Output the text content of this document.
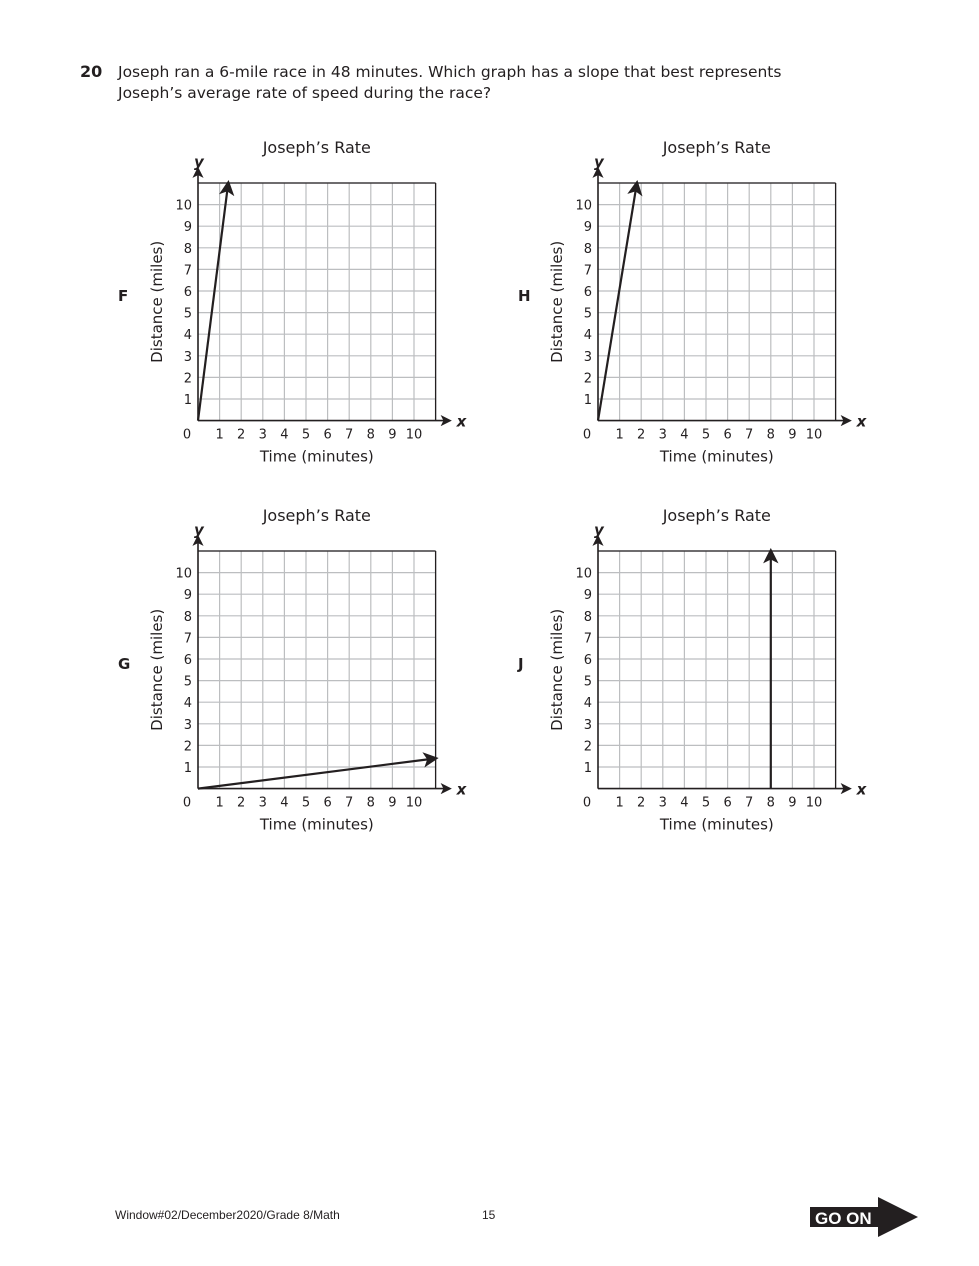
20 Joseph ran a 6-mile race in 48 minutes. Which graph has a slope that best represents Joseph’s average rate of speed during the race?
F
Joseph’s Rate
x
y
0 1 2 3 4 5 6 7 8 9 10
1
2
3
4
5
6
7
8
9
10
Time (minutes)
Distance (miles)	H
Joseph’s Rate
x
y
0 1 2 3 4 5 6 7 8 9 10
1
2
3
4
5
6
7
8
9
10
Time (minutes)
Distance (miles)
G
Joseph’s Rate
x
y
0 1 2 3 4 5 6 7 8 9 10
1
2
3
4
5
6
7
8
9
10
Time (minutes)
Distance (miles)	J
Joseph’s Rate
x
y
0 1 2 3 4 5 6 7 8 9 10
1
2
3
4
5
6
7
8
9
10
Time (minutes)
Distance (miles)
Window#02/December2020/Grade 8/Math	15	GO ON
